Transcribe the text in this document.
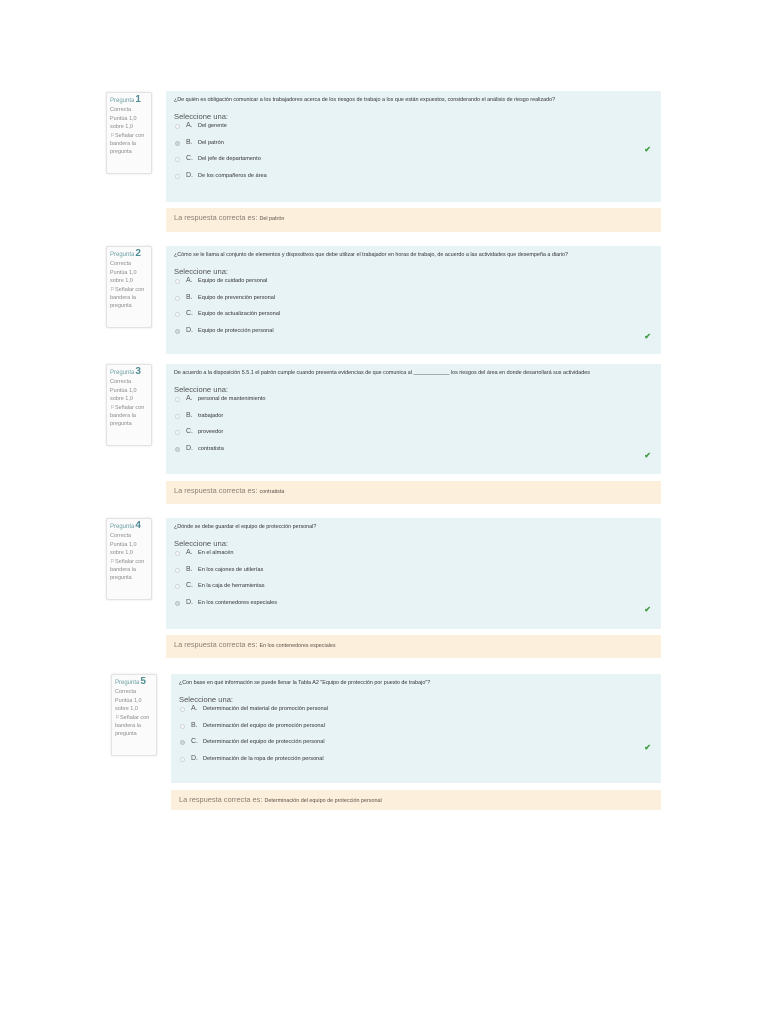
Pregunta1
Correcta
Puntúa 1,0
sobre 1,0
⚐Señalar con bandera la pregunta
¿De quién es obligación comunicar a los trabajadores acerca de los riesgos de trabajo a los que están expuestos, considerando el análisis de riesgo realizado?
Seleccione una:
A. Del gerente
B. Del patrón
C. Del jefe de departamento
D. De los compañeros de área
✔
La respuesta correcta es: Del patrón
Pregunta2
Correcta
Puntúa 1,0
sobre 1,0
⚐Señalar con bandera la pregunta
¿Cómo se le llama al conjunto de elementos y dispositivos que debe utilizar el trabajador en horas de trabajo, de acuerdo a las actividades que desempeña a diario?
Seleccione una:
A. Equipo de cuidado personal
B. Equipo de prevención personal
C. Equipo de actualización personal
D. Equipo de protección personal
✔
Pregunta3
Correcta
Puntúa 1,0
sobre 1,0
⚐Señalar con bandera la pregunta
De acuerdo a la disposición 5.5.1 el patrón cumple cuando presenta evidencias de que comunica al ____________ los riesgos del área en donde desarrollará sus actividades
Seleccione una:
A. personal de mantenimiento
B. trabajador
C. proveedor
D. contratista
✔
La respuesta correcta es: contratista
Pregunta4
Correcta
Puntúa 1,0
sobre 1,0
⚐Señalar con bandera la pregunta
¿Dónde se debe guardar el equipo de protección personal?
Seleccione una:
A. En el almacén
B. En los cajones de utilerías
C. En la caja de herramientas
D. En los contenedores especiales
✔
La respuesta correcta es: En los contenedores especiales
Pregunta5
Correcta
Puntúa 1,0
sobre 1,0
⚐Señalar con bandera la pregunta
¿Con base en qué información se puede llenar la Tabla A2 "Equipo de protección por puesto de trabajo"?
Seleccione una:
A. Determinación del material de promoción personal
B. Determinación del equipo de promoción personal
C. Determinación del equipo de protección personal
D. Determinación de la ropa de protección personal
✔
La respuesta correcta es: Determinación del equipo de protección personal
